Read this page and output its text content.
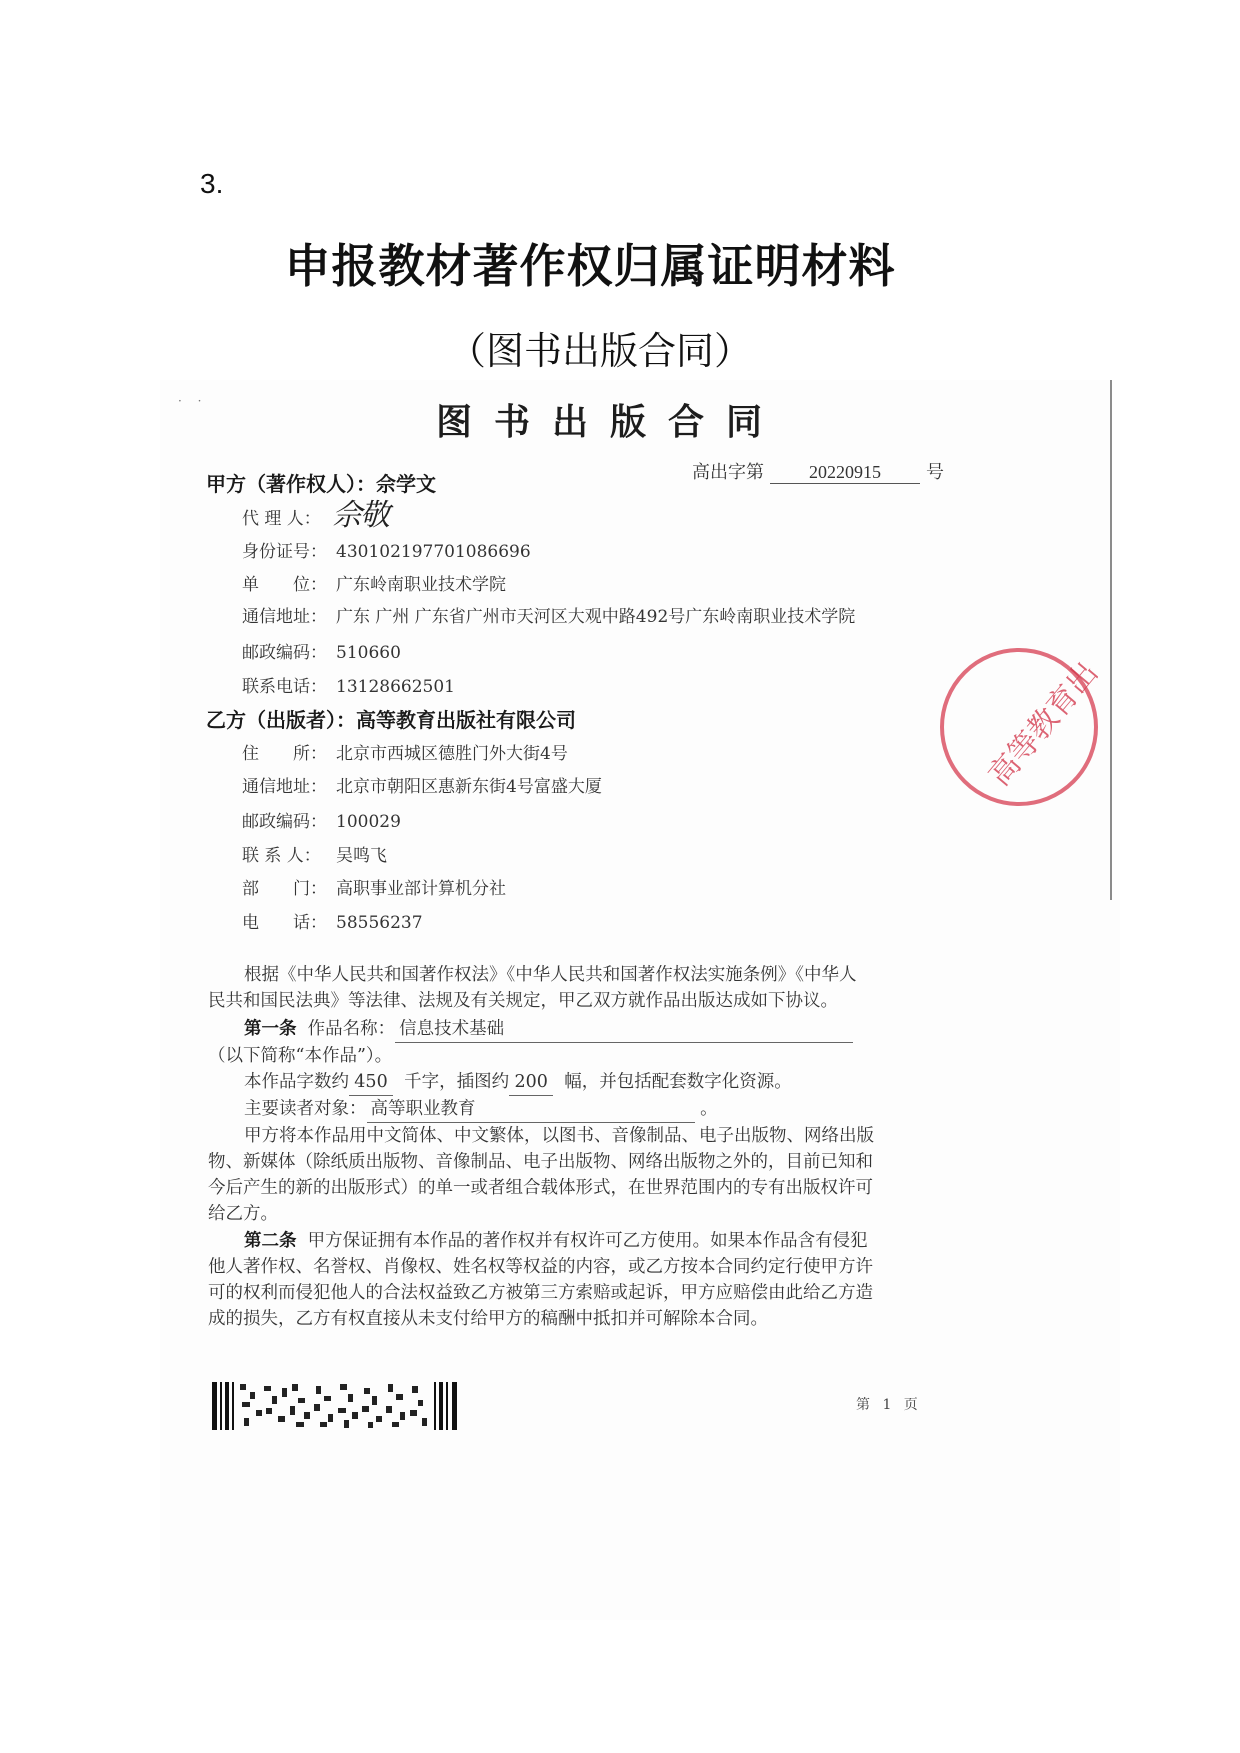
3.
申报教材著作权归属证明材料
（图书出版合同）
· ·
图书出版合同
高出字第	20220915	号
甲方（著作权人）：佘学文
代 理 人： 佘敬
身份证号： 430102197701086696
单　　位： 广东岭南职业技术学院
通信地址： 广东 广州 广东省广州市天河区大观中路492号广东岭南职业技术学院
邮政编码： 510660
联系电话： 13128662501
乙方（出版者）：高等教育出版社有限公司
住　　所： 北京市西城区德胜门外大街4号
通信地址： 北京市朝阳区惠新东街4号富盛大厦
邮政编码： 100029
联 系 人： 吴鸣飞
部　　门： 高职事业部计算机分社
电　　话： 58556237
高等教育出
根据《中华人民共和国著作权法》《中华人民共和国著作权法实施条例》《中华人
民共和国民法典》等法律、法规及有关规定，甲乙双方就作品出版达成如下协议。
第一条 作品名称： 信息技术基础
（以下简称“本作品”）。
本作品字数约 450 千字，插图约 200 幅，并包括配套数字化资源。
主要读者对象： 高等职业教育	。
甲方将本作品用中文简体、中文繁体，以图书、音像制品、电子出版物、网络出版
物、新媒体（除纸质出版物、音像制品、电子出版物、网络出版物之外的，目前已知和
今后产生的新的出版形式）的单一或者组合载体形式，在世界范围内的专有出版权许可
给乙方。
第二条 甲方保证拥有本作品的著作权并有权许可乙方使用。如果本作品含有侵犯
他人著作权、名誉权、肖像权、姓名权等权益的内容，或乙方按本合同约定行使甲方许
可的权利而侵犯他人的合法权益致乙方被第三方索赔或起诉，甲方应赔偿由此给乙方造
成的损失，乙方有权直接从未支付给甲方的稿酬中抵扣并可解除本合同。
第 1 页
